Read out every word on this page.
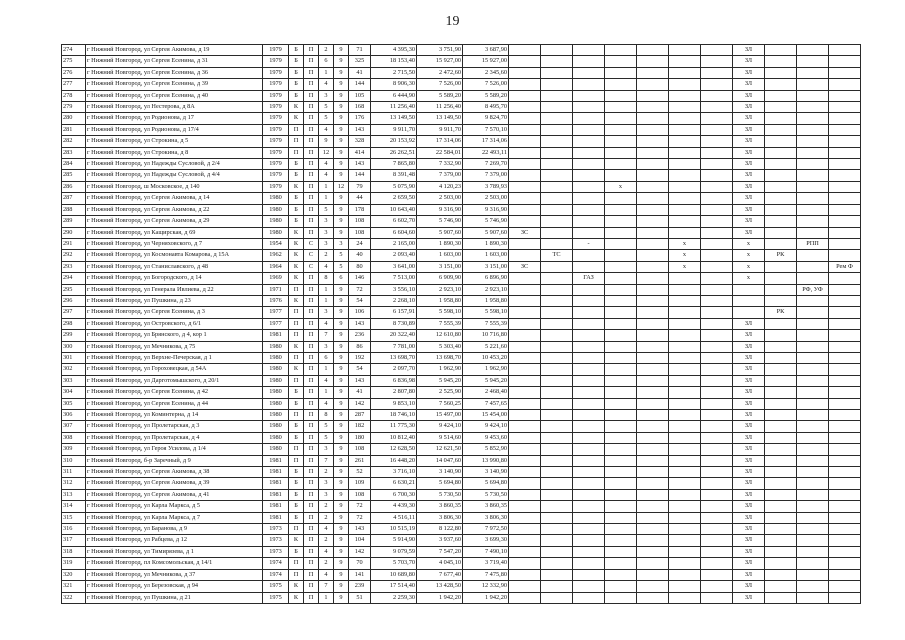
19
274	г Нижний Новгород, ул Сергея Акимова, д 19	1979	Б	П	2	9	71	4 395,30	3 751,90	3 687,90								ЗЛ			
275	г Нижний Новгород, ул Сергея Есенина, д 31	1979	Б	П	6	9	325	18 153,40	15 927,00	15 927,00								ЗЛ			
276	г Нижний Новгород, ул Сергея Есенина, д 36	1979	Б	П	1	9	41	2 715,50	2 472,60	2 345,60								ЗЛ			
277	г Нижний Новгород, ул Сергея Есенина, д 39	1979	Б	П	4	9	144	8 906,30	7 526,00	7 526,00								ЗЛ			
278	г Нижний Новгород, ул Сергея Есенина, д 40	1979	Б	П	3	9	105	6 444,90	5 589,20	5 589,20								ЗЛ			
279	г Нижний Новгород, ул Нестерова, д 8А	1979	К	П	5	9	168	11 256,40	11 256,40	8 495,70								ЗЛ			
280	г Нижний Новгород, ул Родионова, д 17	1979	К	П	5	9	176	13 149,50	13 149,50	9 824,70								ЗЛ			
281	г Нижний Новгород, ул Родионова, д 17/4	1979	П	П	4	9	143	9 911,70	9 911,70	7 570,10								ЗЛ			
282	г Нижний Новгород, ул Строкина, д 5	1979	П	П	9	9	328	20 153,92	17 314,06	17 314,06								ЗЛ			
283	г Нижний Новгород, ул Строкина, д 8	1979	П	П	12	9	414	26 262,51	22 584,01	22 493,11								ЗЛ			
284	г Нижний Новгород, ул Надежды Сусловой, д 2/4	1979	Б	П	4	9	143	7 865,80	7 332,90	7 269,70								ЗЛ			
285	г Нижний Новгород, ул Надежды Сусловой, д 4/4	1979	Б	П	4	9	144	8 391,48	7 379,00	7 379,00								ЗЛ			
286	г Нижний Новгород, ш Московское, д 140	1979	К	П	1	12	79	5 075,90	4 120,23	3 789,93				х				ЗЛ			
287	г Нижний Новгород, ул Сергея Акимова, д 14	1980	Б	П	1	9	44	2 659,50	2 503,00	2 503,00								ЗЛ			
288	г Нижний Новгород, ул Сергея Акимова, д 22	1980	Б	П	5	9	178	10 643,40	9 316,90	9 316,90								ЗЛ			
289	г Нижний Новгород, ул Сергея Акимова, д 29	1980	Б	П	3	9	108	6 602,70	5 746,90	5 746,90								ЗЛ			
290	г Нижний Новгород, ул Кащирская, д 69	1980	К	П	3	9	108	6 604,60	5 907,60	5 907,60	ЗС							ЗЛ			
291	г Нижний Новгород, ул Черняховского, д 7	1954	К	С	3	3	24	2 165,00	1 890,30	1 890,30			-			х		х		РПП	
292	г Нижний Новгород, ул Космонавта Комарова, д 15А	1962	К	С	2	5	40	2 093,40	1 603,00	1 603,00		ТС				х		х	РК		
293	г Нижний Новгород, ул Станиславского, д 48	1964	К	С	4	5	80	3 641,00	3 151,00	3 151,00	ЗС					х		х			Рем Ф
294	г Нижний Новгород, ул Богородского, д 14	1969	К	П	8	6	146	7 513,00	6 909,90	6 896,90			ГАЗ					х			
295	г Нижний Новгород, ул Генерала Ивлиева, д 22	1971	П	П	1	9	72	3 556,10	2 923,10	2 923,10										РФ, УФ	
296	г Нижний Новгород, ул Пушкина, д 23	1976	К	П	1	9	54	2 268,10	1 958,80	1 958,80											
297	г Нижний Новгород, ул Сергея Есенина, д 3	1977	П	П	3	9	106	6 157,91	5 598,10	5 598,10									РК		
298	г Нижний Новгород, ул Островского, д 6/1	1977	П	П	4	9	143	8 730,89	7 555,39	7 555,39								ЗЛ			
299	г Нижний Новгород, ул Брянского, д 4, кор 1	1981	П	П	7	9	236	20 322,40	12 610,80	10 716,80								ЗЛ			
300	г Нижний Новгород, ул Мечникова, д 75	1980	К	П	3	9	86	7 781,00	5 303,40	5 221,60								ЗЛ			
301	г Нижний Новгород, ул Верхне-Печерская, д 1	1980	П	П	6	9	192	13 698,70	13 698,70	10 453,20								ЗЛ			
302	г Нижний Новгород, ул Гороховецкая, д 54А	1980	К	П	1	9	54	2 097,70	1 962,90	1 962,90								ЗЛ			
303	г Нижний Новгород, ул Дарготомышского, д 20/1	1980	П	П	4	9	143	6 836,98	5 945,20	5 945,20								ЗЛ			
304	г Нижний Новгород, ул Сергея Есенина, д 42	1980	Б	П	1	9	41	2 807,80	2 525,90	2 468,40								ЗЛ			
305	г Нижний Новгород, ул Сергея Есенина, д 44	1980	Б	П	4	9	142	9 853,10	7 560,25	7 457,65								ЗЛ			
306	г Нижний Новгород, ул Коминтерна, д 14	1980	П	П	8	9	287	18 746,10	15 497,00	15 454,00								ЗЛ			
307	г Нижний Новгород, ул Пролетарская, д 3	1980	Б	П	5	9	182	11 775,30	9 424,10	9 424,10								ЗЛ			
308	г Нижний Новгород, ул Пролетарская, д 4	1980	Б	П	5	9	180	10 812,40	9 514,60	9 453,60								ЗЛ			
309	г Нижний Новгород, ул Героя Усилова, д 1/4	1980	П	П	3	9	108	12 628,50	12 621,50	5 852,90								ЗЛ			
310	г Нижний Новгород, б-р Заречный, д 9	1981	П	П	7	9	261	16 448,20	14 047,60	13 990,80								ЗЛ			
311	г Нижний Новгород, ул Сергея Акимова, д 38	1981	Б	П	2	9	52	3 716,10	3 140,90	3 140,90								ЗЛ			
312	г Нижний Новгород, ул Сергея Акимова, д 39	1981	Б	П	3	9	109	6 630,21	5 694,80	5 694,80								ЗЛ			
313	г Нижний Новгород, ул Сергея Акимова, д 41	1981	Б	П	3	9	108	6 700,30	5 730,50	5 730,50								ЗЛ			
314	г Нижний Новгород, ул Карла Маркса, д 5	1981	Б	П	2	9	72	4 439,30	3 860,35	3 860,35								ЗЛ			
315	г Нижний Новгород, ул Карла Маркса, д 7	1981	Б	П	2	9	72	4 516,11	3 806,30	3 806,30								ЗЛ			
316	г Нижний Новгород, ул Баранова, д 9	1973	П	П	4	9	143	10 515,19	8 122,80	7 972,50								ЗЛ			
317	г Нижний Новгород, ул Рабцева, д 12	1973	К	П	2	9	104	5 914,90	3 937,60	3 699,30								ЗЛ			
318	г Нижний Новгород, ул Тимирязева, д 1	1973	Б	П	4	9	142	9 079,59	7 547,20	7 490,10								ЗЛ			
319	г Нижний Новгород, пл Комсомольская, д 14/1	1974	П	П	2	9	70	5 703,70	4 045,10	3 719,40								ЗЛ			
320	г Нижний Новгород, ул Мечникова, д 37	1974	П	П	4	9	141	10 689,80	7 677,40	7 475,80								ЗЛ			
321	г Нижний Новгород, ул Березовская, д 94	1975	К	П	7	9	239	17 514,40	13 428,50	12 332,90								ЗЛ			
322	г Нижний Новгород, ул Пушкина, д 21	1975	К	П	1	9	51	2 259,30	1 942,20	1 942,20								ЗЛ			
